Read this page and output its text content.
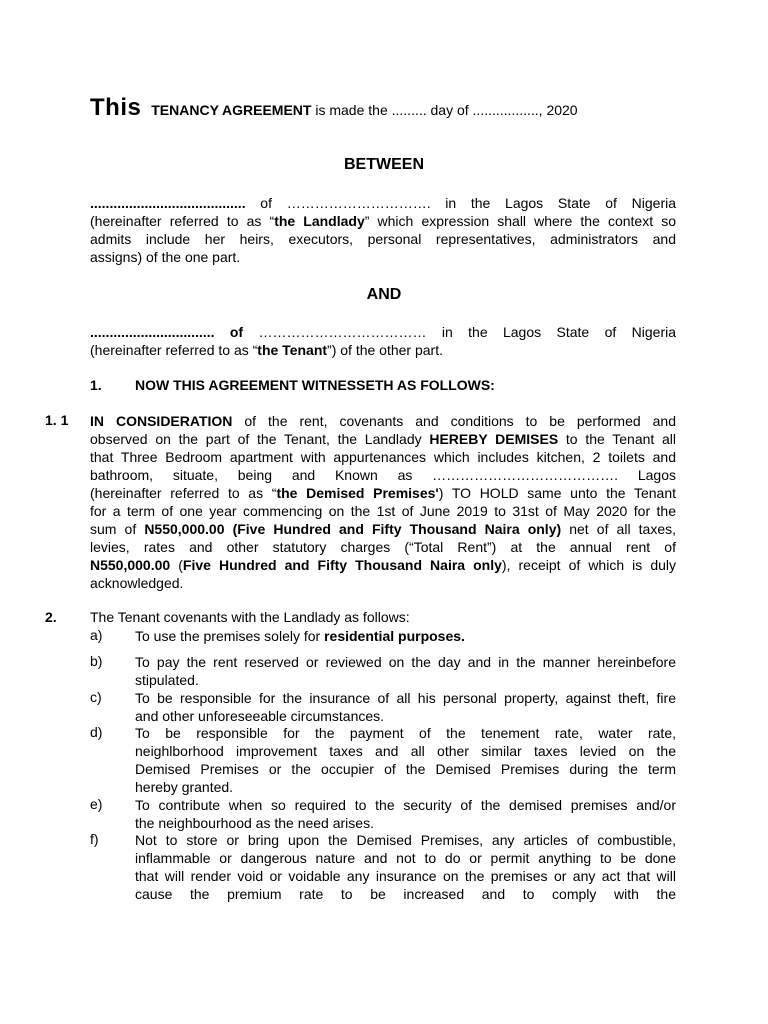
This TENANCY AGREEMENT is made the ......... day of ................., 2020
BETWEEN

........................................ of …………………………. in the Lagos State of Nigeria

(hereinafter referred to as “the Landlady” which expression shall where the context so

admits include her heirs, executors, personal representatives, administrators and

assigns) of the one part.

AND

................................ of ……………………………… in the Lagos State of Nigeria

(hereinafter referred to as “the Tenant”) of the other part.

1. NOW THIS AGREEMENT WITNESSETH AS FOLLOWS:
1. 1 IN CONSIDERATION of the rent, covenants and conditions to be performed and

observed on the part of the Tenant, the Landlady HEREBY DEMISES to the Tenant all

that Three Bedroom apartment with appurtenances which includes kitchen, 2 toilets and

bathroom, situate, being and Known as …………………………………. Lagos

(hereinafter referred to as “the Demised Premises') TO HOLD same unto the Tenant

for a term of one year commencing on the 1st of June 2019 to 31st of May 2020 for the

sum of N550,000.00 (Five Hundred and Fifty Thousand Naira only) net of all taxes,

levies, rates and other statutory charges (“Total Rent”) at the annual rent of

N550,000.00 (Five Hundred and Fifty Thousand Naira only), receipt of which is duly

acknowledged.

2. The Tenant covenants with the Landlady as follows:
a) To use the premises solely for residential purposes.

b) To pay the rent reserved or reviewed on the day and in the manner hereinbefore

stipulated.

c) To be responsible for the insurance of all his personal property, against theft, fire

and other unforeseeable circumstances.

d) To be responsible for the payment of the tenement rate, water rate,

neighlborhood improvement taxes and all other similar taxes levied on the

Demised Premises or the occupier of the Demised Premises during the term

hereby granted.

e) To contribute when so required to the security of the demised premises and/or

the neighbourhood as the need arises.

f)	Not to store or bring upon the Demised Premises, any articles of combustible,

inflammable or dangerous nature and not to do or permit anything to be done

that will render void or voidable any insurance on the premises or any act that will

cause the premium rate to be increased and to comply with the
